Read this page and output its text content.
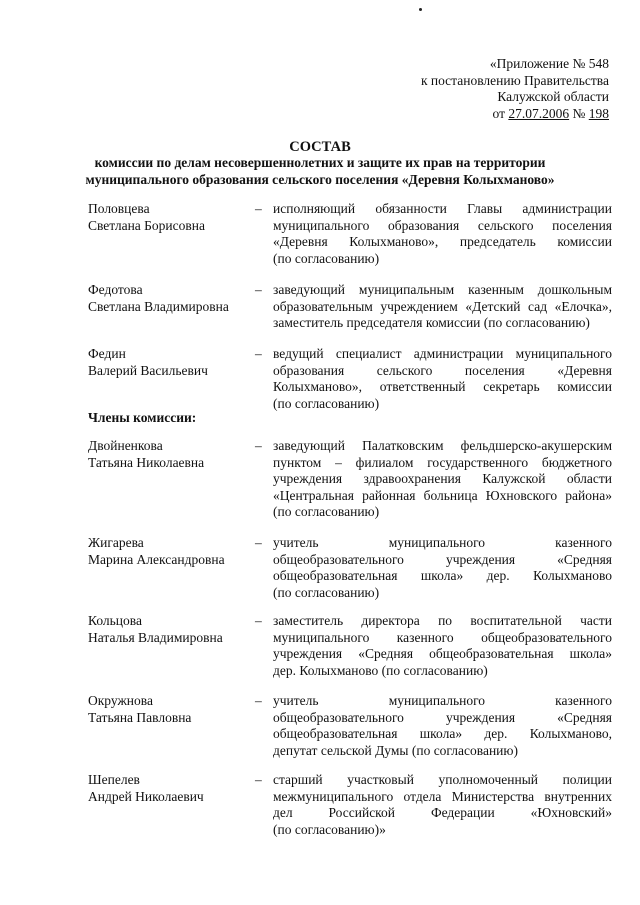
«Приложение № 548
к постановлению Правительства
Калужской области
от 27.07.2006 № 198
СОСТАВ
комиссии по делам несовершеннолетних и защите их прав на территории
муниципального образования сельского поселения «Деревня Колыхманово»
Члены комиссии:
Половцева
Светлана Борисовна
– исполняющий обязанности Главы администрации
муниципального образования сельского поселения
«Деревня Колыхманово», председатель комиссии
(по согласованию)
Федотова
Светлана Владимировна
– заведующий муниципальным казенным дошкольным
образовательным учреждением «Детский сад «Елочка»,
заместитель председателя комиссии (по согласованию)
Федин
Валерий Васильевич
– ведущий специалист администрации муниципального
образования сельского поселения «Деревня
Колыхманово», ответственный секретарь комиссии
(по согласованию)
Двойненкова
Татьяна Николаевна
– заведующий Палатковским фельдшерско-акушерским
пунктом – филиалом государственного бюджетного
учреждения здравоохранения Калужской области
«Центральная районная больница Юхновского района»
(по согласованию)
Жигарева
Марина Александровна
– учитель муниципального казенного
общеобразовательного учреждения «Средняя
общеобразовательная школа» дер. Колыхманово
(по согласованию)
Кольцова
Наталья Владимировна
– заместитель директора по воспитательной части
муниципального казенного общеобразовательного
учреждения «Средняя общеобразовательная школа»
дер. Колыхманово (по согласованию)
Окружнова
Татьяна Павловна
– учитель муниципального казенного
общеобразовательного учреждения «Средняя
общеобразовательная школа» дер. Колыхманово,
депутат сельской Думы (по согласованию)
Шепелев
Андрей Николаевич
– старший участковый уполномоченный полиции
межмуниципального отдела Министерства внутренних
дел Российской Федерации «Юхновский»
(по согласованию)»
